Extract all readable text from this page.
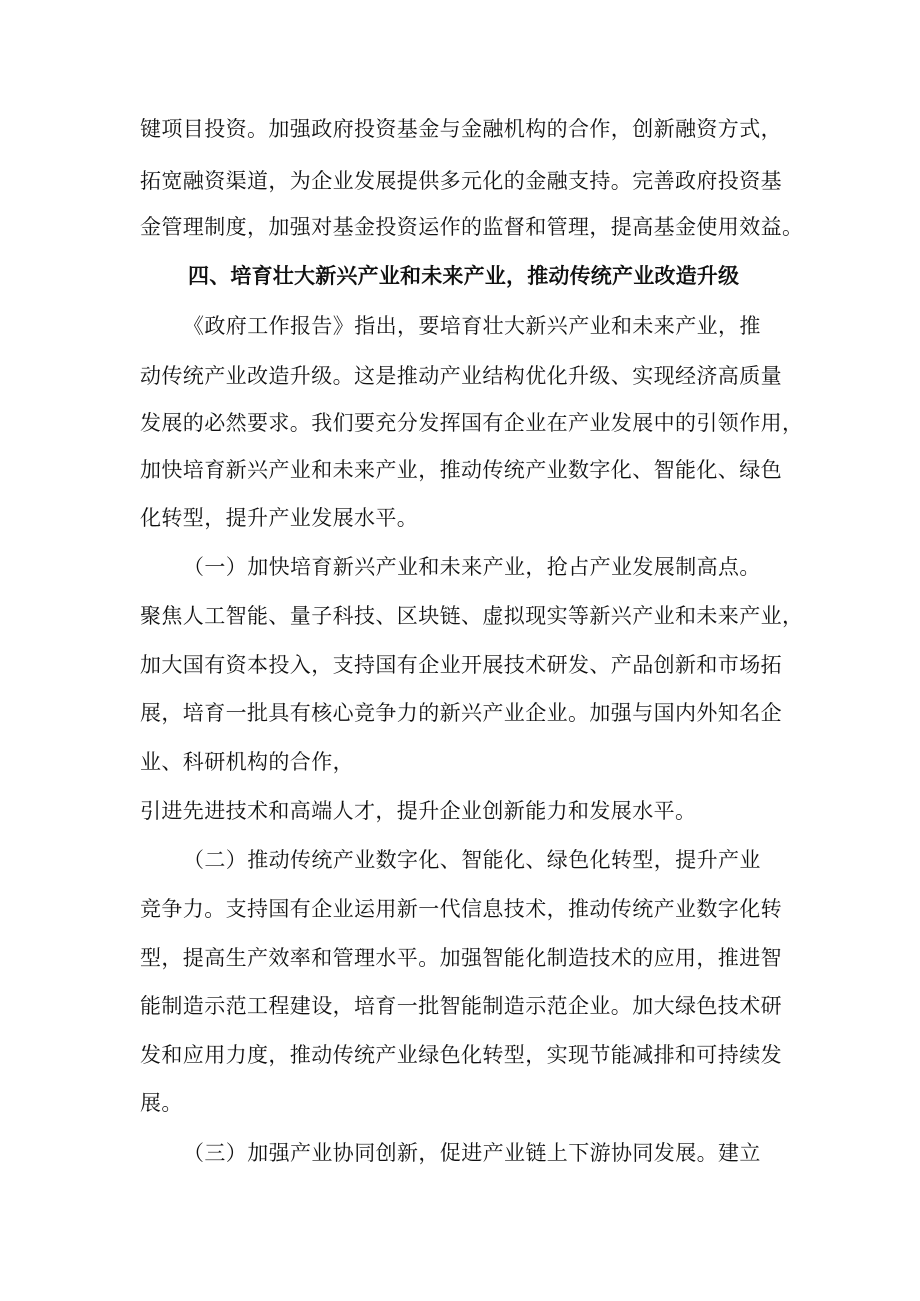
键项目投资。加强政府投资基金与金融机构的合作，创新融资方式，
拓宽融资渠道，为企业发展提供多元化的金融支持。完善政府投资基
金管理制度，加强对基金投资运作的监督和管理，提高基金使用效益。
四、培育壮大新兴产业和未来产业，推动传统产业改造升级
《政府工作报告》指出，要培育壮大新兴产业和未来产业，推
动传统产业改造升级。这是推动产业结构优化升级、实现经济高质量
发展的必然要求。我们要充分发挥国有企业在产业发展中的引领作用，
加快培育新兴产业和未来产业，推动传统产业数字化、智能化、绿色
化转型，提升产业发展水平。
（一）加快培育新兴产业和未来产业，抢占产业发展制高点。
聚焦人工智能、量子科技、区块链、虚拟现实等新兴产业和未来产业，
加大国有资本投入，支持国有企业开展技术研发、产品创新和市场拓
展，培育一批具有核心竞争力的新兴产业企业。加强与国内外知名企
业、科研机构的合作，
引进先进技术和高端人才，提升企业创新能力和发展水平。
（二）推动传统产业数字化、智能化、绿色化转型，提升产业
竞争力。支持国有企业运用新一代信息技术，推动传统产业数字化转
型，提高生产效率和管理水平。加强智能化制造技术的应用，推进智
能制造示范工程建设，培育一批智能制造示范企业。加大绿色技术研
发和应用力度，推动传统产业绿色化转型，实现节能减排和可持续发
展。
（三）加强产业协同创新，促进产业链上下游协同发展。建立
